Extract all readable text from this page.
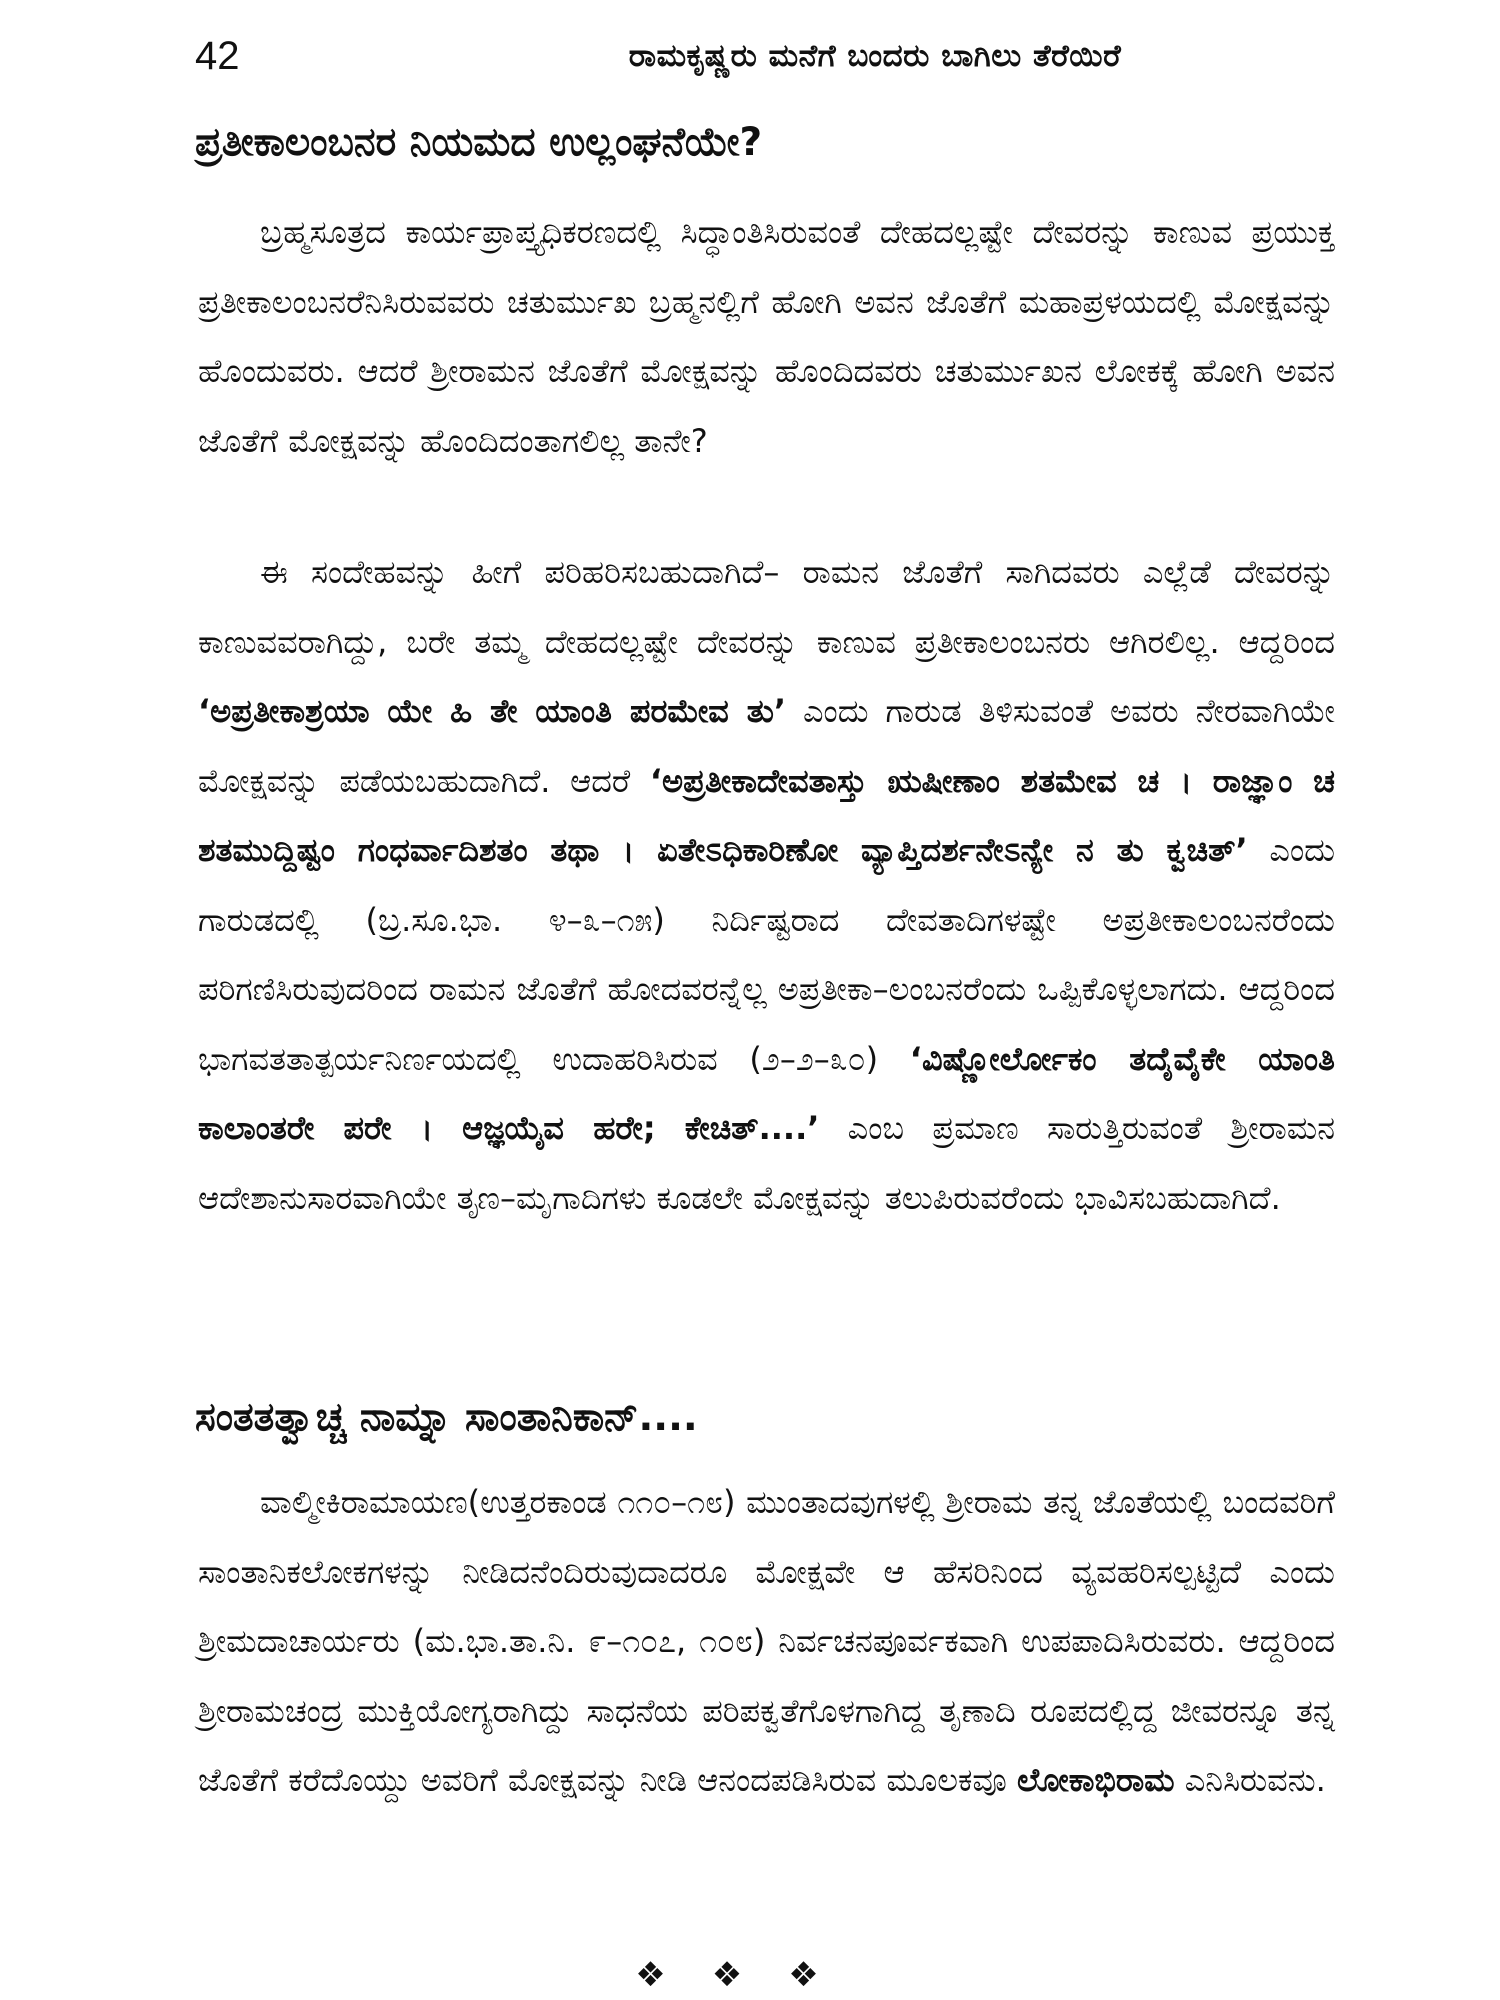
42	ರಾಮಕೃಷ್ಣರು ಮನೆಗೆ ಬಂದರು ಬಾಗಿಲು ತೆರೆಯಿರೆ
ಪ್ರತೀಕಾಲಂಬನರ ನಿಯಮದ ಉಲ್ಲಂಘನೆಯೇ?

ಬ್ರಹ್ಮಸೂತ್ರದ ಕಾರ್ಯಪ್ರಾಪ್ತ್ಯಧಿಕರಣದಲ್ಲಿ ಸಿದ್ಧಾಂತಿಸಿರುವಂತೆ ದೇಹದಲ್ಲಷ್ಟೇ ದೇವರನ್ನು ಕಾಣುವ ಪ್ರಯುಕ್ತ ಪ್ರತೀಕಾಲಂಬನರೆನಿಸಿರುವವರು ಚತುರ್ಮುಖ ಬ್ರಹ್ಮನಲ್ಲಿಗೆ ಹೋಗಿ ಅವನ ಜೊತೆಗೆ ಮಹಾಪ್ರಳಯದಲ್ಲಿ ಮೋಕ್ಷವನ್ನು ಹೊಂದುವರು. ಆದರೆ ಶ್ರೀರಾಮನ ಜೊತೆಗೆ ಮೋಕ್ಷವನ್ನು ಹೊಂದಿದವರು ಚತುರ್ಮುಖನ ಲೋಕಕ್ಕೆ ಹೋಗಿ ಅವನ ಜೊತೆಗೆ ಮೋಕ್ಷವನ್ನು ಹೊಂದಿದಂತಾಗಲಿಲ್ಲ ತಾನೇ?

ಈ ಸಂದೇಹವನ್ನು ಹೀಗೆ ಪರಿಹರಿಸಬಹುದಾಗಿದೆ– ರಾಮನ ಜೊತೆಗೆ ಸಾಗಿದವರು ಎಲ್ಲೆಡೆ ದೇವರನ್ನು ಕಾಣುವವರಾಗಿದ್ದು, ಬರೇ ತಮ್ಮ ದೇಹದಲ್ಲಷ್ಟೇ ದೇವರನ್ನು ಕಾಣುವ ಪ್ರತೀಕಾಲಂಬನರು ಆಗಿರಲಿಲ್ಲ. ಆದ್ದರಿಂದ ‘ಅಪ್ರತೀಕಾಶ್ರಯಾ ಯೇ ಹಿ ತೇ ಯಾಂತಿ ಪರಮೇವ ತು’ ಎಂದು ಗಾರುಡ ತಿಳಿಸುವಂತೆ ಅವರು ನೇರವಾಗಿಯೇ ಮೋಕ್ಷವನ್ನು ಪಡೆಯಬಹುದಾಗಿದೆ. ಆದರೆ ‘ಅಪ್ರತೀಕಾದೇವತಾಸ್ತು ಋಷೀಣಾಂ ಶತಮೇವ ಚ । ರಾಜ್ಞಾಂ ಚ ಶತಮುದ್ದಿಷ್ಟಂ ಗಂಧರ್ವಾದಿಶತಂ ತಥಾ । ಏತೇಽಧಿಕಾರಿಣೋ ವ್ಯಾಪ್ತಿದರ್ಶನೇಽನ್ಯೇ ನ ತು ಕ್ವಚಿತ್’ ಎಂದು ಗಾರುಡದಲ್ಲಿ (ಬ್ರ.ಸೂ.ಭಾ. ೪–೩–೧೫) ನಿರ್ದಿಷ್ಟರಾದ ದೇವತಾದಿಗಳಷ್ಟೇ ಅಪ್ರತೀಕಾಲಂಬನರೆಂದು ಪರಿಗಣಿಸಿರುವುದರಿಂದ ರಾಮನ ಜೊತೆಗೆ ಹೋದವರನ್ನೆಲ್ಲ ಅಪ್ರತೀಕಾ–ಲಂಬನರೆಂದು ಒಪ್ಪಿಕೊಳ್ಳಲಾಗದು. ಆದ್ದರಿಂದ ಭಾಗವತತಾತ್ಪರ್ಯನಿರ್ಣಯದಲ್ಲಿ ಉದಾಹರಿಸಿರುವ (೨–೨–೩೦) ‘ವಿಷ್ಣೋರ್ಲೋಕಂ ತದೈವೈಕೇ ಯಾಂತಿ ಕಾಲಾಂತರೇ ಪರೇ । ಆಜ್ಞಯೈವ ಹರೇ; ಕೇಚಿತ್....’ ಎಂಬ ಪ್ರಮಾಣ ಸಾರುತ್ತಿರುವಂತೆ ಶ್ರೀರಾಮನ ಆದೇಶಾನುಸಾರವಾಗಿಯೇ ತೃಣ–ಮೃಗಾದಿಗಳು ಕೂಡಲೇ ಮೋಕ್ಷವನ್ನು ತಲುಪಿರುವರೆಂದು ಭಾವಿಸಬಹುದಾಗಿದೆ.

ಸಂತತತ್ವಾಚ್ಚ ನಾಮ್ನಾ ಸಾಂತಾನಿಕಾನ್....

ವಾಲ್ಮೀಕಿರಾಮಾಯಣ(ಉತ್ತರಕಾಂಡ ೧೧೦–೧೮) ಮುಂತಾದವುಗಳಲ್ಲಿ ಶ್ರೀರಾಮ ತನ್ನ ಜೊತೆಯಲ್ಲಿ ಬಂದವರಿಗೆ ಸಾಂತಾನಿಕಲೋಕಗಳನ್ನು ನೀಡಿದನೆಂದಿರುವುದಾದರೂ ಮೋಕ್ಷವೇ ಆ ಹೆಸರಿನಿಂದ ವ್ಯವಹರಿಸಲ್ಪಟ್ಟಿದೆ ಎಂದು ಶ್ರೀಮದಾಚಾರ್ಯರು (ಮ.ಭಾ.ತಾ.ನಿ. ೯–೧೦೭, ೧೦೮) ನಿರ್ವಚನಪೂರ್ವಕವಾಗಿ ಉಪಪಾದಿಸಿರುವರು. ಆದ್ದರಿಂದ ಶ್ರೀರಾಮಚಂದ್ರ ಮುಕ್ತಿಯೋಗ್ಯರಾಗಿದ್ದು ಸಾಧನೆಯ ಪರಿಪಕ್ವತೆಗೊಳಗಾಗಿದ್ದ ತೃಣಾದಿ ರೂಪದಲ್ಲಿದ್ದ ಜೀವರನ್ನೂ ತನ್ನ ಜೊತೆಗೆ ಕರೆದೊಯ್ದು ಅವರಿಗೆ ಮೋಕ್ಷವನ್ನು ನೀಡಿ ಆನಂದಪಡಿಸಿರುವ ಮೂಲಕವೂ ಲೋಕಾಭಿರಾಮ ಎನಿಸಿರುವನು.

❖❖❖
